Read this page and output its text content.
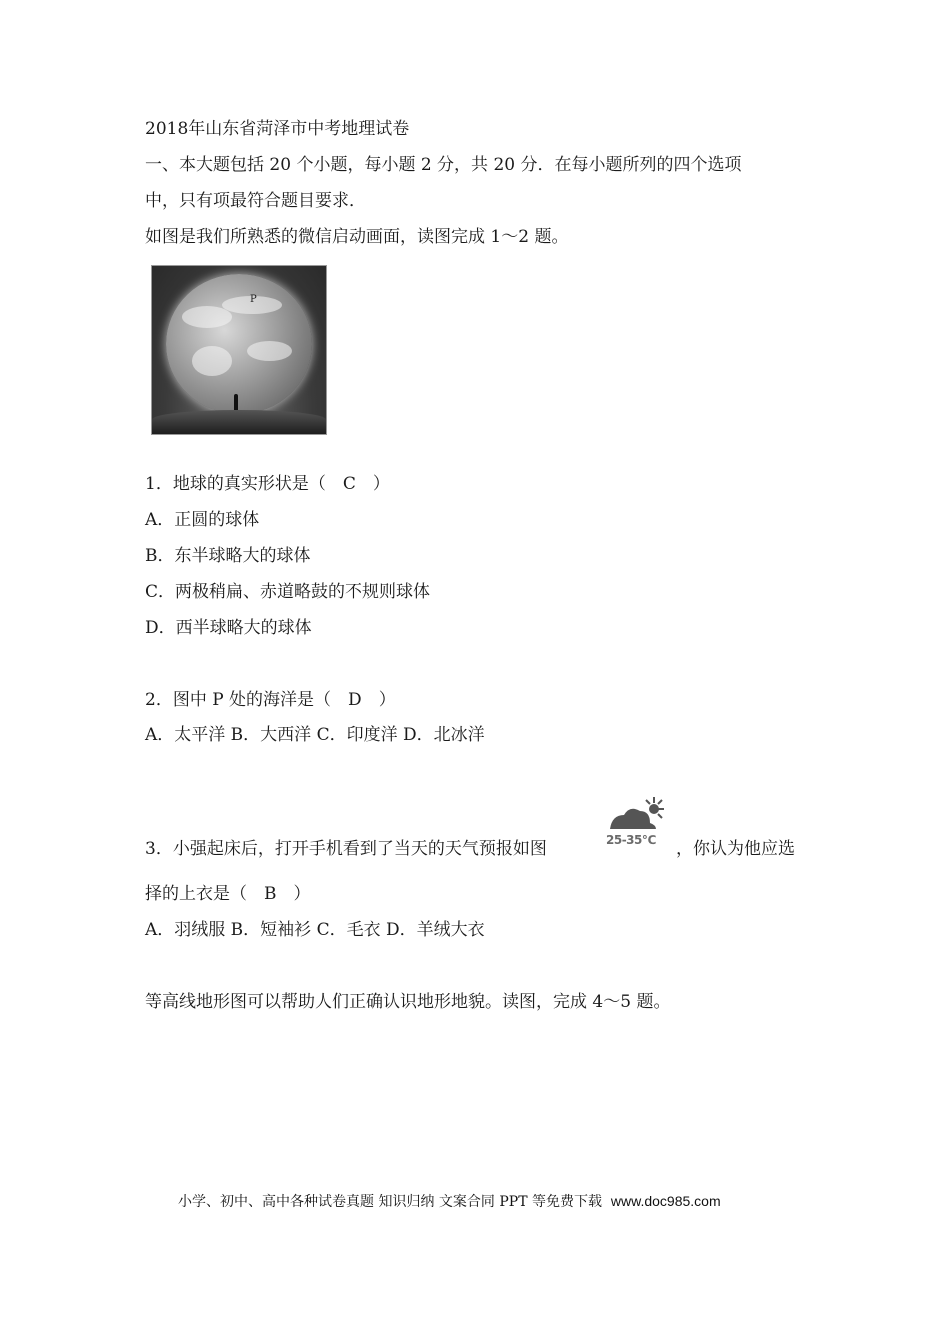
2018年山东省菏泽市中考地理试卷
一、本大题包括 20 个小题，每小题 2 分，共 20 分．在每小题所列的四个选项
中，只有项最符合题目要求．
如图是我们所熟悉的微信启动画面，读图完成 1～2 题。
P
1．地球的真实形状是（　C　）
A．正圆的球体
B．东半球略大的球体
C．两极稍扁、赤道略鼓的不规则球体
D．西半球略大的球体
2．图中 P 处的海洋是（　D　）
A．太平洋 B．大西洋 C．印度洋 D．北冰洋
3．小强起床后，打开手机看到了当天的天气预报如图	25-35℃ ，你认为他应选
择的上衣是（　B　）
A．羽绒服 B．短袖衫 C．毛衣 D．羊绒大衣
等高线地形图可以帮助人们正确认识地形地貌。读图，完成 4～5 题。
小学、初中、高中各种试卷真题 知识归纳 文案合同 PPT 等免费下载 www.doc985.com
